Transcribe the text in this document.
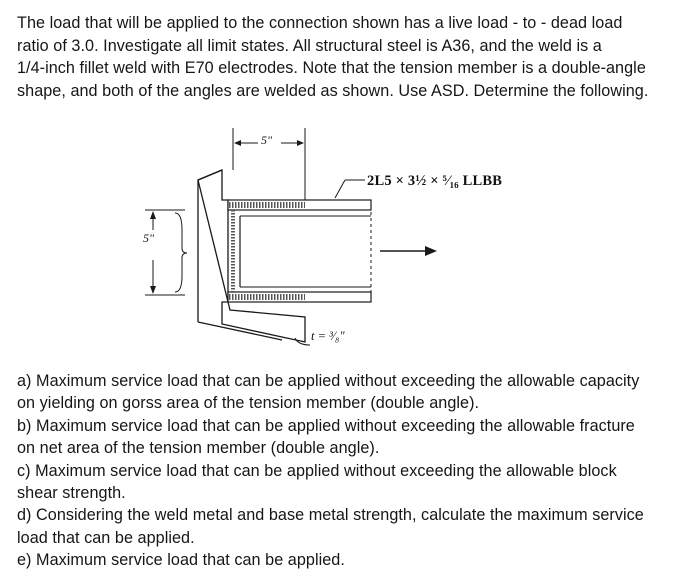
The load that will be applied to the connection shown has a live load - to - dead load
ratio of 3.0. Investigate all limit states. All structural steel is A36, and the weld is a
1/4-inch fillet weld with E70 electrodes. Note that the tension member is a double-angle
shape, and both of the angles are welded as shown. Use ASD. Determine the following.
2L5 × 3½ × ⁵⁄₁₆ LLBB
5"
5"
t = ³⁄₈"
a) Maximum service load that can be applied without exceeding the allowable capacity
on yielding on gorss area of the tension member (double angle).
b) Maximum service load that can be applied without exceeding the allowable fracture
on net area of the tension member (double angle).
c) Maximum service load that can be applied without exceeding the allowable block
shear strength.
d) Considering the weld metal and base metal strength, calculate the maximum service
load that can be applied.
e) Maximum service load that can be applied.
